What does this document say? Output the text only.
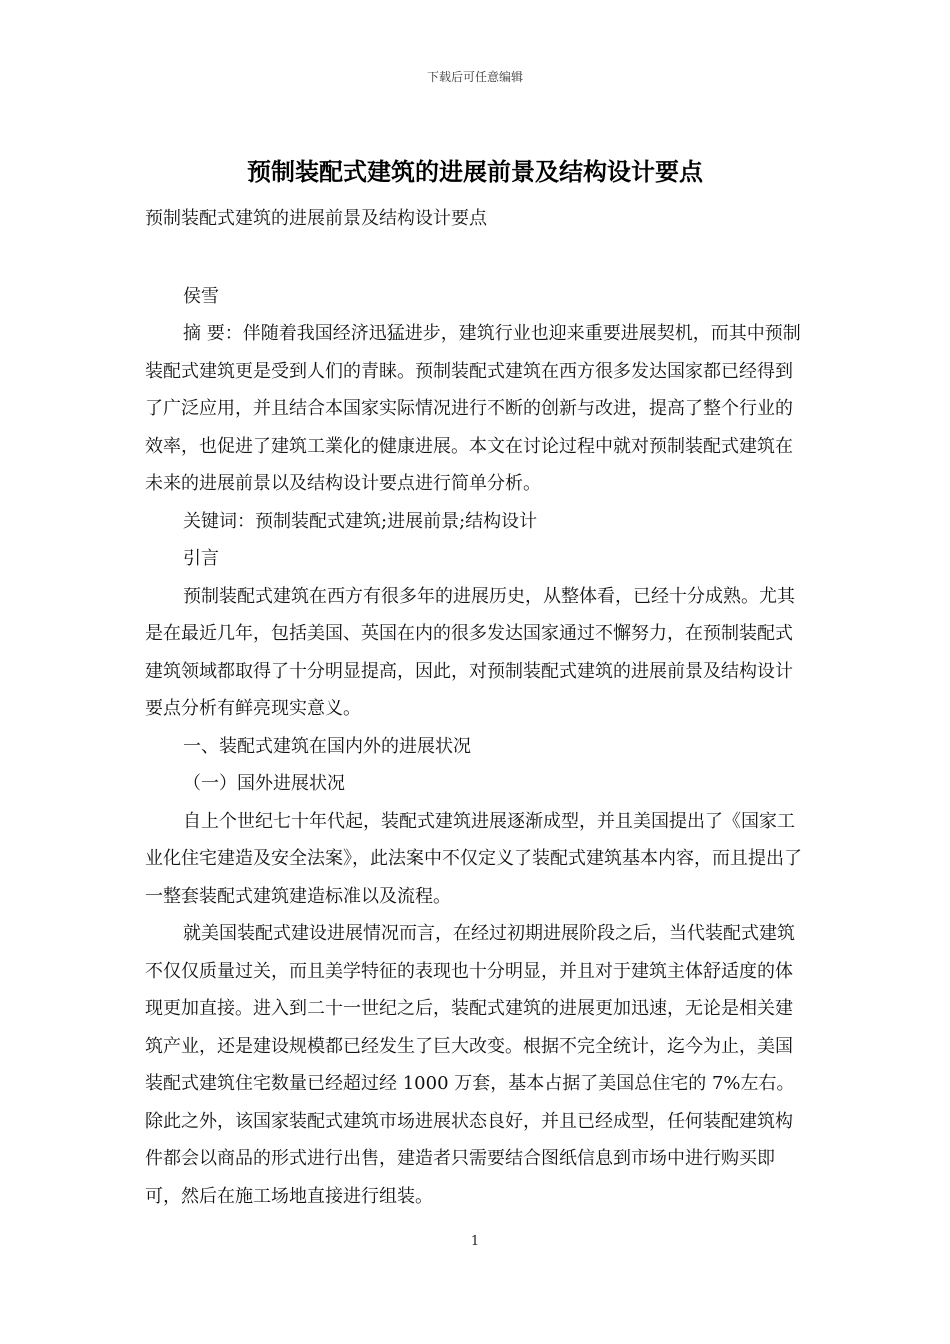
下载后可任意编辑
预制装配式建筑的进展前景及结构设计要点

预制装配式建筑的进展前景及结构设计要点

侯雪

摘 要：伴随着我国经济迅猛进步，建筑行业也迎来重要进展契机，而其中预制装配式建筑更是受到人们的青睐。预制装配式建筑在西方很多发达国家都已经得到了广泛应用，并且结合本国家实际情况进行不断的创新与改进，提高了整个行业的效率，也促进了建筑工業化的健康进展。本文在讨论过程中就对预制装配式建筑在未来的进展前景以及结构设计要点进行简单分析。

关键词：预制装配式建筑;进展前景;结构设计

引言

预制装配式建筑在西方有很多年的进展历史，从整体看，已经十分成熟。尤其是在最近几年，包括美国、英国在内的很多发达国家通过不懈努力，在预制装配式建筑领域都取得了十分明显提高，因此，对预制装配式建筑的进展前景及结构设计要点分析有鲜亮现实意义。

一、装配式建筑在国内外的进展状况

（一）国外进展状况

自上个世纪七十年代起，装配式建筑进展逐渐成型，并且美国提出了《国家工业化住宅建造及安全法案》，此法案中不仅定义了装配式建筑基本内容，而且提出了一整套装配式建筑建造标准以及流程。

就美国装配式建设进展情况而言，在经过初期进展阶段之后，当代装配式建筑不仅仅质量过关，而且美学特征的表现也十分明显，并且对于建筑主体舒适度的体现更加直接。进入到二十一世纪之后，装配式建筑的进展更加迅速，无论是相关建筑产业，还是建设规模都已经发生了巨大改变。根据不完全统计，迄今为止，美国装配式建筑住宅数量已经超过经 1000 万套，基本占据了美国总住宅的 7%左右。除此之外，该国家装配式建筑市场进展状态良好，并且已经成型，任何装配建筑构件都会以商品的形式进行出售，建造者只需要结合图纸信息到市场中进行购买即可，然后在施工场地直接进行组装。

1
